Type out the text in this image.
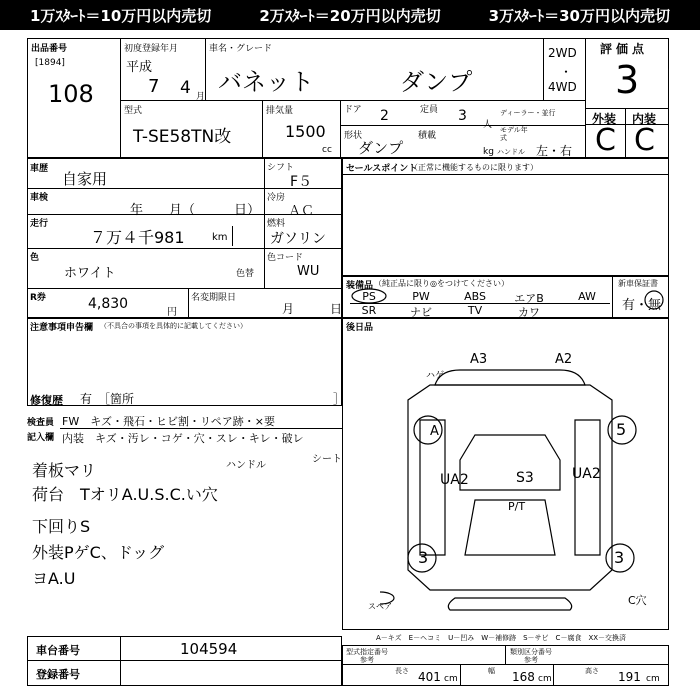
1万ｽﾀｰﾄ＝10万円以内売切	2万ｽﾀｰﾄ＝20万円以内売切	3万ｽﾀｰﾄ＝30万円以内売切
出品番号
[1894]
108
初度登録年月
平成
7 4 月
車名・グレード
バネット	ダンプ
2WD
・
4WD
評価点
3
外装 内装
C C
型式
T-SE58TN改
排気量
1500
cc
ドア 2	定員 3
人
ディーラー・並行
形状
ダンプ
積載
kg
モデル年式
ハンドル 左・右
車歴
自家用
シフト
F５
車検
年　　月（　　　日）
冷房
ＡＣ
走行
７万４千981	km
燃料
ガソリン
色
ホワイト	色替
色コード
WU
R券	4,830
円
名変期限日
月　　　日
注意事項申告欄 （不具合の事項を具体的に記載してください）
修復歴 有 ［箇所	］
セールスポイント
（正常に機能するものに限ります）
装備品 （純正品に限り◎をつけてください）	新車保証書
有・無
PS	PW	ABS	エアB	AW
SR	ナビ	TV	カワ
後日品
A3	A2
UA2	S3
P/T
UA2
3	3
5
C穴
ハゲ
A
スペア
検査員
記入欄
FW　キズ・飛石・ヒビ割・リペア跡・×要
内装　キズ・汚レ・コゲ・穴・スレ・キレ・破レ
ハンドル
シート
着板マリ
荷台　TオリA.U.S.C.い穴
下回りS
外装PゲC、ドッグ
ヨA.U
A－キズ　E－ヘコミ　U－凹み　W－補修跡　S－サビ　C－腐食　XX－交換済
車台番号	104594
登録番号
型式指定番号
参考
類別区分番号
参考
長さ 401 cm
幅 168 cm
高さ 191 cm
